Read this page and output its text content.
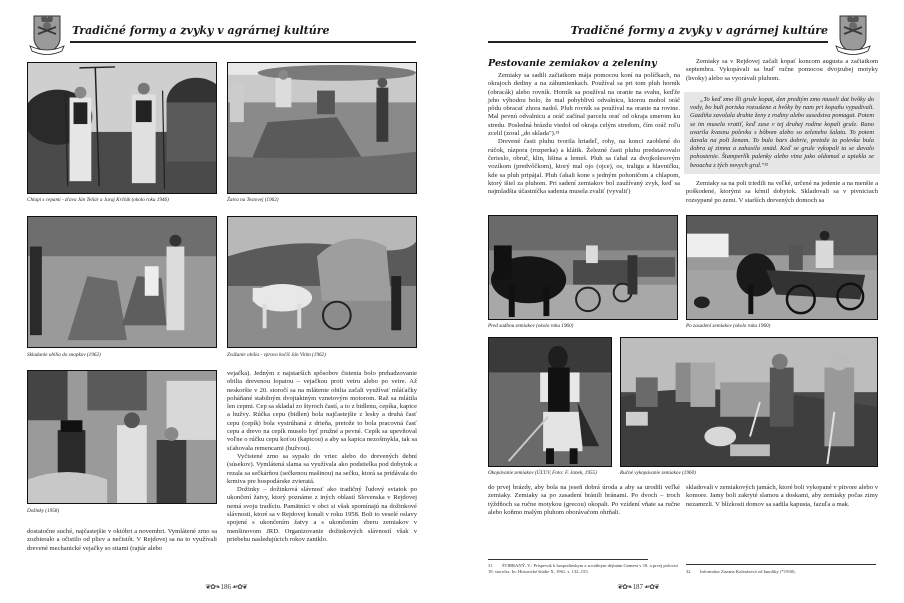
Tradičné formy a zvyky v agrárnej kultúre
Chlapi s cepami - zľava Ján Teliár a Juraj Krčlák (okolo roku 1946)	Žatva na Testovej (1962)
Skladanie obilia do snopkov (1962)	Zvážanie obilia - vpravo kočiš Ján Vitím (1962)
Dožinky (1958)

vejačka). Jedným z najstarších spôsobov čistenia bolo prehadzovanie obilia drevenou lopatou – vejačkou proti vetru alebo po vetre. Až neskoršie v 20. storočí sa na mlátenie obilia začali využívať mláťačky poháňané stabilným dvojtaktným vznetovým motorom. Raž sa mlátila len cepmi. Cep sa skladal zo štyroch častí, a to z bidlenu, cepíka, kapice a hužvy. Rúčka cepu (bidlen) bola najčastejšie z lesky a druhá časť cepu (cepík) bola vystrúhaná z drieňa, pretože to bola pracovná časť cepu a drevo na cepík muselo byť pružné a pevné. Cepík sa upevňoval voľne o rúčku cepu koťou (kapicou) a aby sa kapica nezošmykla, tak sa sťahovala remencami (hužvou).

Vyčistené zrno sa sypalo do vriec alebo do drevených dební (súsekov). Vymlátená slama sa využívala ako podstielka pod dobytok a rezala sa sečkárňou (sečkenou mašinou) na sečku, ktorá sa pridávala do krmiva pre hospodárske zvieratá.

Dožinky – dožinková slávnosť ako tradičný ľudový sviatok po ukončení žatvy, ktorý poznáme z iných oblastí Slovenska v Rejdovej nemá svoju tradíciu. Pamätníci v obci si však spomínajú na dožinkové slávnosti, ktoré sa v Rejdovej konali v roku 1958. Boli to veselé oslavy spojené s ukončením žatvy a s ukončením zberu zemiakov v menšinovom JRD. Organizovanie dožinkových slávností však v priebehu nasledujúcich rokov zaniklo.

dostatočne suché, najčastejšie v októbri a novembri. Vymlátené zrno sa zozbieralo a očistilo od pliev a nečistôt. V Rejdovej sa na to využívali drevené mechanické vejačky so sitami (rajtár alebo

❦✿❧ 186 ☙✿❦
Tradičné formy a zvyky v agrárnej kultúre
Pestovanie zemiakov a zeleniny

Zemiaky sa sadili začiatkom mája pomocou koní na políčkach, na okrajoch dediny a na záhumienkach. Používal sa pri tom pluh horník (obracák) alebo rovník. Horník sa používal na oranie na svahu, keďže jeho výhodou bolo, že mal pohyblivú odvalnicu, ktorou mohol oráč pôdu obracať zhora nadol. Pluh rovník sa používal na oranie na rovine. Mal pevnú odvalnicu a oráč začínal parcelu orať od okraja smerom ku stredu. Posledná brázdu viedol od okraja celým stredom, čím oráč roľu zcelil (zoral „do sklada").³¹

Drevené časti pluhu tvorila hriadeľ, rohy, na konci zaoblené do rúčok, rázpora (rozperka) a klátik. Železné časti pluhu predstavovalo čerieslo, obruč, klin, lišina a lemeš. Pluh sa ťahal za dvojkolesovým vozíkom (predvôčkom), ktorý mal ojo (ojce), os, traligu a hlavničku, kde sa pluh pripájal. Pluh ťahali kone s jedným pohoničom a chlapom, ktorý išiel za pluhom. Pri sadení zemiakov bol zaužívaný zvyk, keď sa najmladšia účastníčka sadenia musela zvaliť (vyvaliť)

Zemiaky sa v Rejdovej začali kopať koncom augusta a začiatkom septembra. Vykopávali sa buď ručne pomocou dvojzubej motyky (hvoky) alebo sa vyorávali pluhom.

„To keď zmo šli grule kopat, den predtým zmo museli dat hvôky do vody, bo buli poriska rozsušene a hvôky by nam pri kopaňu vypadivali. Gazdiňa zavolala druhie ženy z rodiny alebo susedstva pomagat. Potem se im musela vratiť, keď zase v tej druhej rodine kopali grule. Rano uvarila kvasnu polevku s bôbom alebo so zeleneho šalatu. To potem davala na poli ženam. To bulo bars dobrie, pretože ta polevka bula dobra aj zimna a zahasila smäd. Keď se grule vykopali ta se davalo pohostenie. Štamperlík palenky alebo vina jako oldomaš a upiekla se beoacha z tých novych grul."³²

Zemiaky sa na poli triedili na veľké, určené na jedenie a na menšie a poškodené, ktorými sa kŕmil dobytok. Skladovali sa v pivniciach rozsypané po zemi. V starších drevených domoch sa

Pred sadbou zemiakov (okolo roku 1960)	Po zasadení zemiakov (okolo roku 1960)
Okopávanie zemiakov (ÚĽUV, Foto: F. Janek, 1955)	Ručné vykopávanie zemiakov (1960)

do prvej brázdy, aby bola na jeseň dobrá úroda a aby sa urodili veľké zemiaky. Zemiaky sa po zasadení bránili bránami. Po dvoch – troch týždňoch sa ručne motykou (grecou) okopali. Po vzídení vňate sa ručne alebo koňmo malým pluhom oborávačom ohrňali.

skladovali v zemiakových jamách, ktoré boli vykopané v pitvore alebo v komore. Jamy boli zakryté slamou a doskami, aby zemiaky počas zimy nezamrzli. V blízkosti domov sa sadila kapusta, fazuľa a mak.

31 ŠTIBRANÝ, V.: Príspevok k hospodárskym a sociálnym dejinám Gemera v 18. a prvej polovici 19. storočia. In: Historické štúdie X, 1961, s. 132–155.	32 Informátor Zuzana Kolesárová od Ianoliky (*1930).
❦✿❧ 187 ☙✿❦
